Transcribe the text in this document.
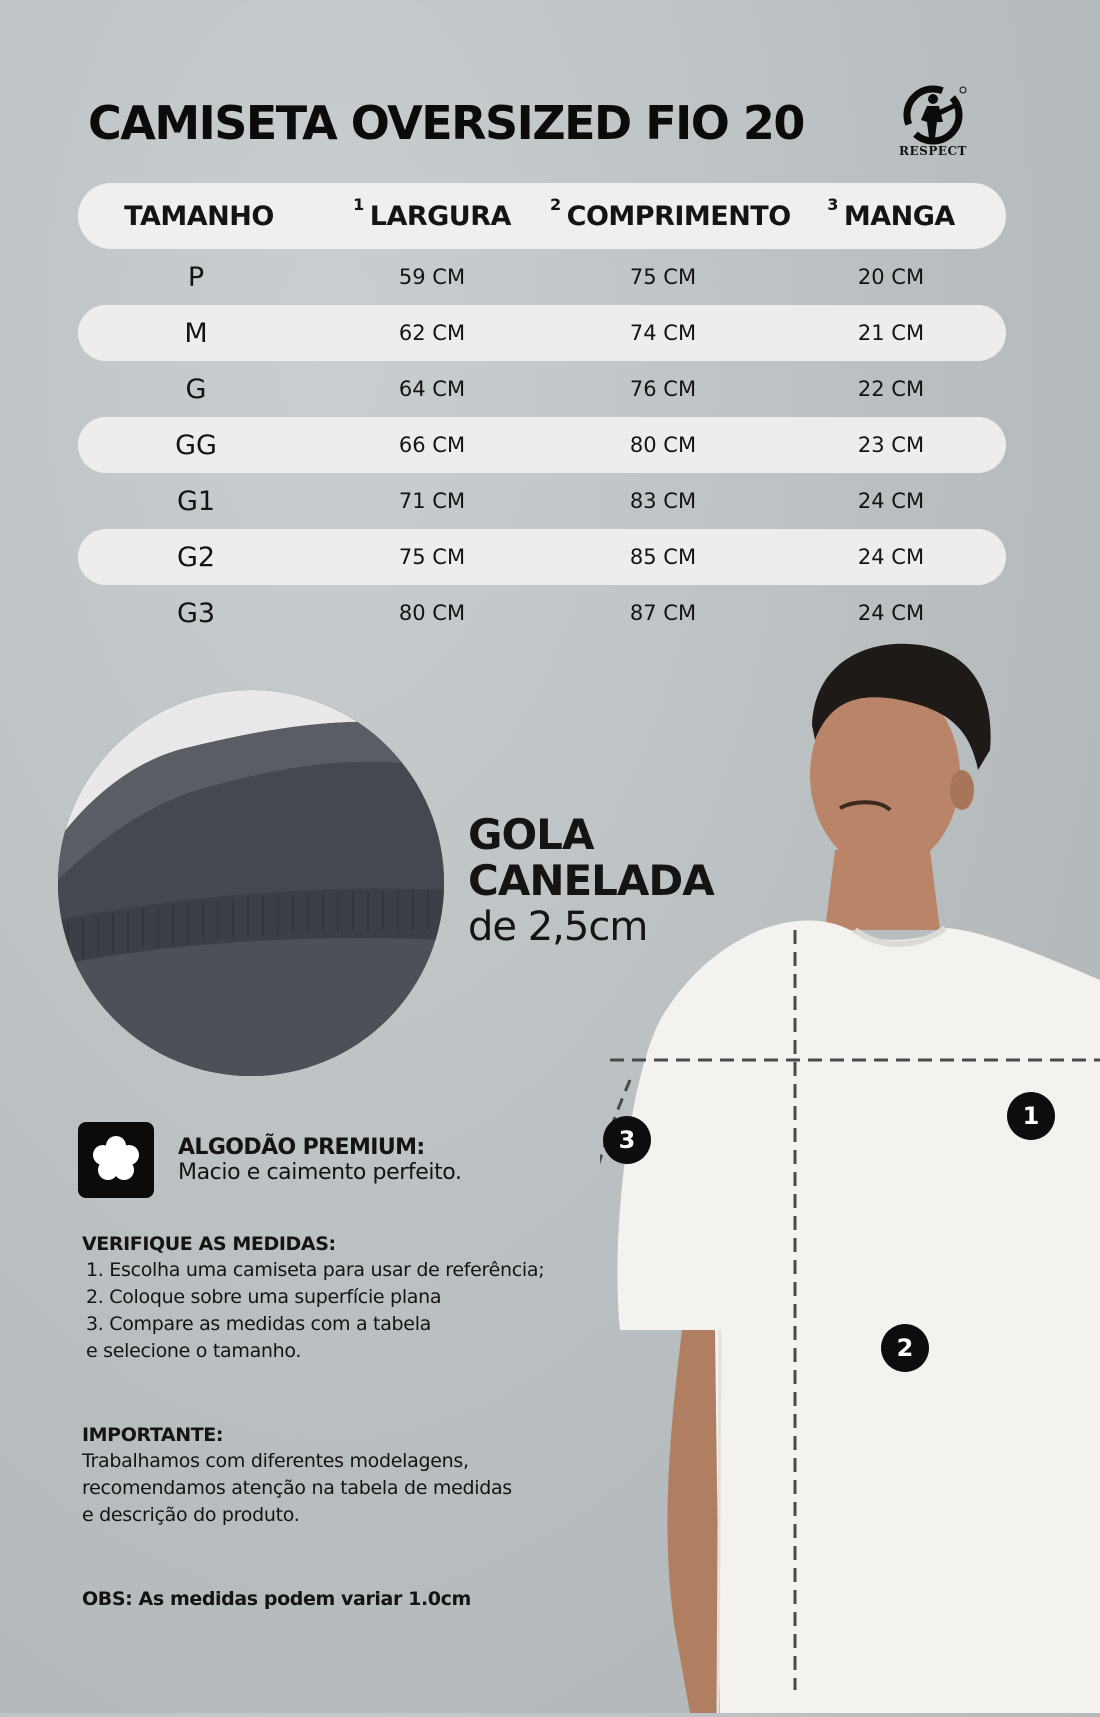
CAMISETA OVERSIZED FIO 20
RESPECT
TAMANHO	$^1$ LARGURA	$^2$ COMPRIMENTO	$^3$ MANGA
P	59 CM	75 CM	20 CM
M	62 CM	74 CM	21 CM
G	64 CM	76 CM	22 CM
GG	66 CM	80 CM	23 CM
G1	71 CM	83 CM	24 CM
G2	75 CM	85 CM	24 CM
G3	80 CM	87 CM	24 CM
GOLA
CANELADA
de 2,5cm
ALGODÃO PREMIUM:
Macio e caimento perfeito.
VERIFIQUE AS MEDIDAS:
1. Escolha uma camiseta para usar de referência;
2. Coloque sobre uma superfície plana
3. Compare as medidas com a tabela
e selecione o tamanho.
IMPORTANTE:
Trabalhamos com diferentes modelagens,
recomendamos atenção na tabela de medidas
e descrição do produto.
OBS: As medidas podem variar 1.0cm
1
2
3
